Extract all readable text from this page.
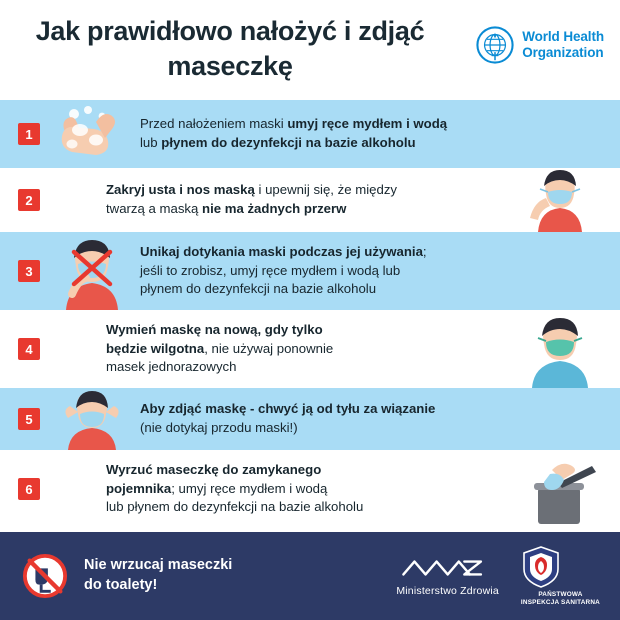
Jak prawidłowo nałożyć i zdjąć maseczkę
World Health
Organization
1
Przed nałożeniem maski umyj ręce mydłem i wodą
lub płynem do dezynfekcji na bazie alkoholu
2
Zakryj usta i nos maską i upewnij się, że między
twarzą a maską nie ma żadnych przerw
3
Unikaj dotykania maski podczas jej używania;
jeśli to zrobisz, umyj ręce mydłem i wodą lub
płynem do dezynfekcji na bazie alkoholu
4
Wymień maskę na nową, gdy tylko
będzie wilgotna, nie używaj ponownie
masek jednorazowych
5
Aby zdjąć maskę - chwyć ją od tyłu za wiązanie
(nie dotykaj przodu maski!)
6
Wyrzuć maseczkę do zamykanego
pojemnika; umyj ręce mydłem i wodą
lub płynem do dezynfekcji na bazie alkoholu
Nie wrzucaj maseczki
do toalety!	Ministerstwo Zdrowia	PAŃSTWOWA
INSPEKCJA SANITARNA
